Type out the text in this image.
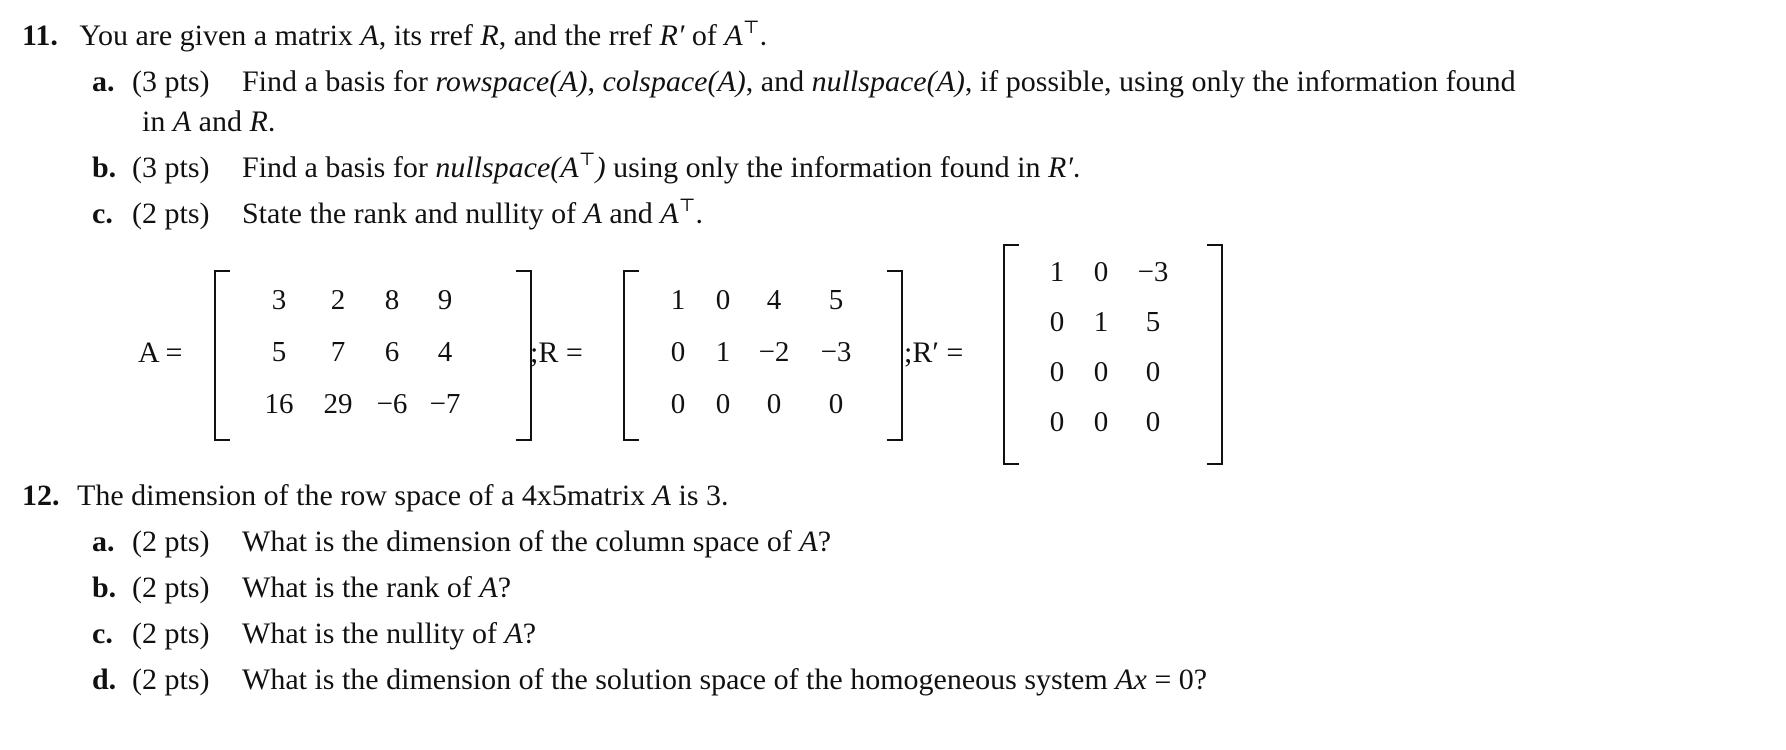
11. You are given a matrix A, its rref R, and the rref R′ of A⊤.
a. (3 pts) Find a basis for rowspace(A), colspace(A), and nullspace(A), if possible, using only the information found
in A and R.
b. (3 pts) Find a basis for nullspace(A⊤) using only the information found in R′.
c. (2 pts) State the rank and nullity of A and A⊤.
A =
3 2 8 9
5 7 6 4
16 29 −6 −7
;R =
1 0 4 5
0 1 −2 −3
0 0 0 0
;R′ =
1 0 −3
0 1 5
0 0 0
0 0 0
12. The dimension of the row space of a 4x5matrix A is 3.
a. (2 pts) What is the dimension of the column space of A?
b. (2 pts) What is the rank of A?
c. (2 pts) What is the nullity of A?
d. (2 pts) What is the dimension of the solution space of the homogeneous system Ax = 0?
